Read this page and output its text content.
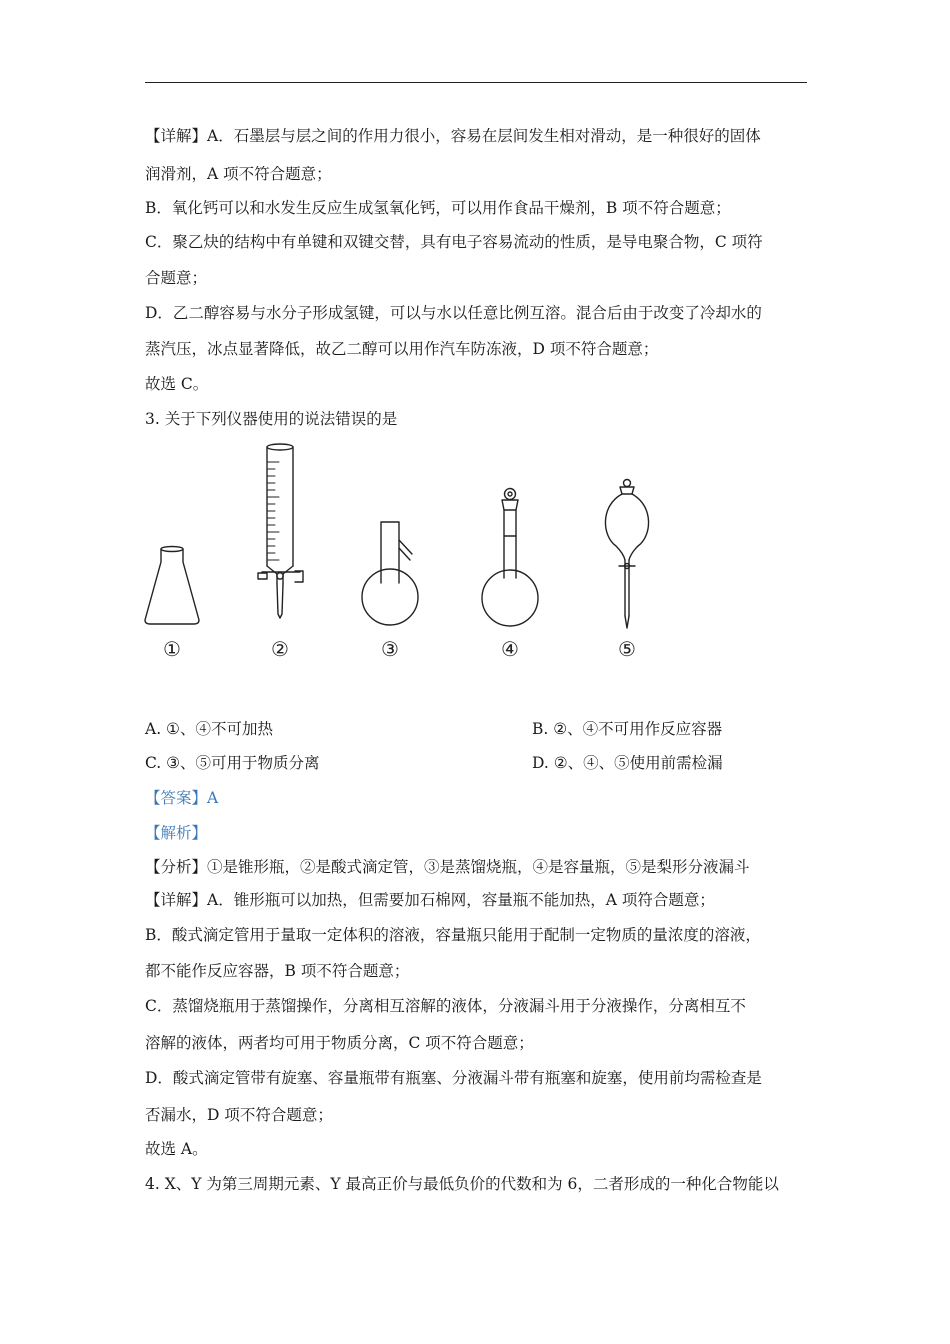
【详解】A．石墨层与层之间的作用力很小，容易在层间发生相对滑动，是一种很好的固体
润滑剂，A 项不符合题意；
B．氧化钙可以和水发生反应生成氢氧化钙，可以用作食品干燥剂，B 项不符合题意；
C．聚乙炔的结构中有单键和双键交替，具有电子容易流动的性质，是导电聚合物，C 项符
合题意；
D．乙二醇容易与水分子形成氢键，可以与水以任意比例互溶。混合后由于改变了冷却水的
蒸汽压，冰点显著降低，故乙二醇可以用作汽车防冻液，D 项不符合题意；
故选 C。
3. 关于下列仪器使用的说法错误的是
①	②	③	④	⑤
A. ①、④不可加热	B. ②、④不可用作反应容器
C. ③、⑤可用于物质分离	D. ②、④、⑤使用前需检漏
【答案】A
【解析】
【分析】①是锥形瓶，②是酸式滴定管，③是蒸馏烧瓶，④是容量瓶，⑤是梨形分液漏斗
【详解】A．锥形瓶可以加热，但需要加石棉网，容量瓶不能加热，A 项符合题意；
B．酸式滴定管用于量取一定体积的溶液，容量瓶只能用于配制一定物质的量浓度的溶液，
都不能作反应容器，B 项不符合题意；
C．蒸馏烧瓶用于蒸馏操作，分离相互溶解的液体，分液漏斗用于分液操作，分离相互不
溶解的液体，两者均可用于物质分离，C 项不符合题意；
D．酸式滴定管带有旋塞、容量瓶带有瓶塞、分液漏斗带有瓶塞和旋塞，使用前均需检查是
否漏水，D 项不符合题意；
故选 A。
4. X、Y 为第三周期元素、Y 最高正价与最低负价的代数和为 6，二者形成的一种化合物能以
